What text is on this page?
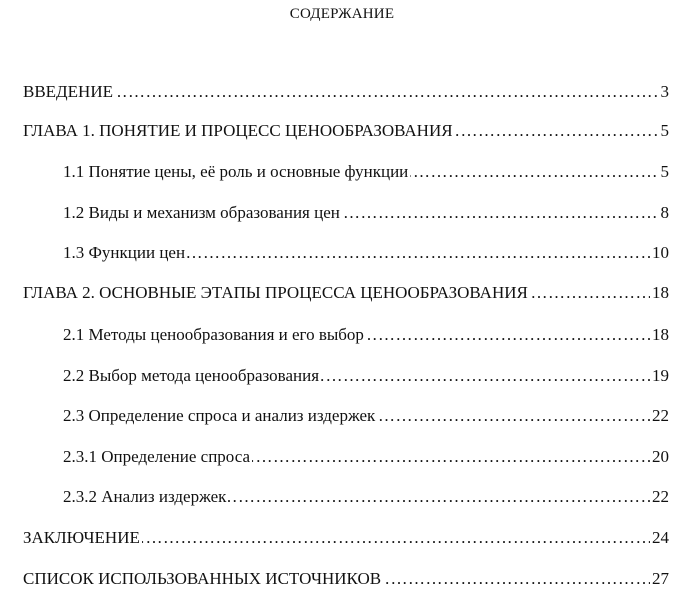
СОДЕРЖАНИЕ
…………………………………………………………………………………………………………………………………………………………………………………………
ВВЕДЕНИЕ	3
…………………………………………………………………………………………………………………………………………………………………………………………
ГЛАВА 1. ПОНЯТИЕ И ПРОЦЕСС ЦЕНООБРАЗОВАНИЯ	5
…………………………………………………………………………………………………………………………………………………………………………………………
1.1 Понятие цены, её роль и основные функции	5
…………………………………………………………………………………………………………………………………………………………………………………………
1.2 Виды и механизм образования цен	8
…………………………………………………………………………………………………………………………………………………………………………………………
1.3 Функции цен	10
…………………………………………………………………………………………………………………………………………………………………………………………
ГЛАВА 2. ОСНОВНЫЕ ЭТАПЫ ПРОЦЕССА ЦЕНООБРАЗОВАНИЯ	18
…………………………………………………………………………………………………………………………………………………………………………………………
2.1 Методы ценообразования и его выбор	18
…………………………………………………………………………………………………………………………………………………………………………………………
2.2 Выбор метода ценообразования	19
…………………………………………………………………………………………………………………………………………………………………………………………
2.3 Определение спроса и анализ издержек	22
…………………………………………………………………………………………………………………………………………………………………………………………
2.3.1 Определение спроса	20
…………………………………………………………………………………………………………………………………………………………………………………………
2.3.2 Анализ издержек	22
…………………………………………………………………………………………………………………………………………………………………………………………
ЗАКЛЮЧЕНИЕ	24
…………………………………………………………………………………………………………………………………………………………………………………………
СПИСОК ИСПОЛЬЗОВАННЫХ ИСТОЧНИКОВ	27
